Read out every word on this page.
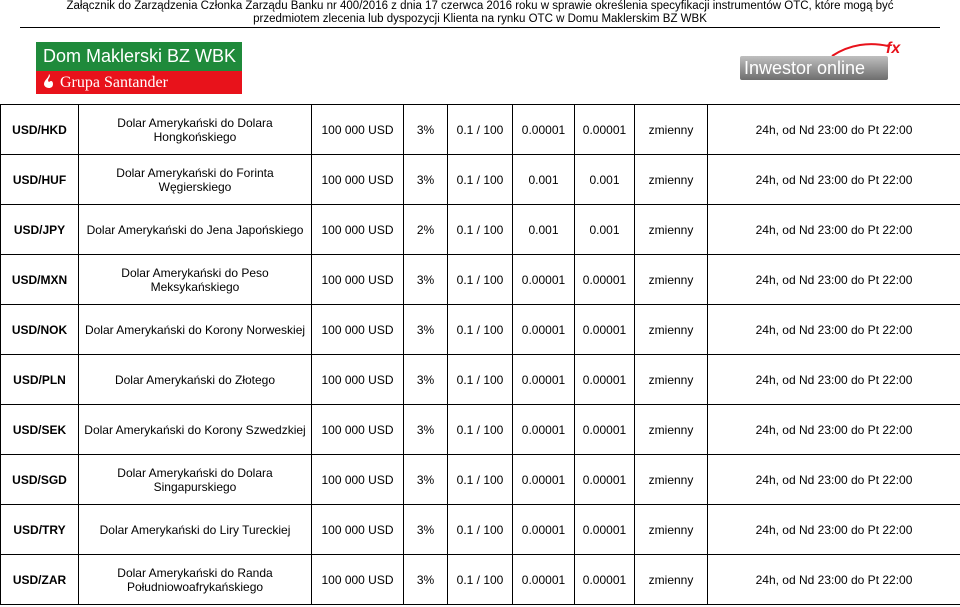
Załącznik do Zarządzenia Członka Zarządu Banku nr 400/2016 z dnia 17 czerwca 2016 roku w sprawie określenia specyfikacji instrumentów OTC, które mogą być
przedmiotem zlecenia lub dyspozycji Klienta na rynku OTC w Domu Maklerskim BZ WBK
Dom Maklerski BZ WBK
Grupa Santander
Inwestor online
fx
USD/HKD	Dolar Amerykański do Dolara Hongkońskiego	100 000 USD	3%	0.1 / 100	0.00001	0.00001	zmienny	24h, od Nd 23:00 do Pt 22:00
USD/HUF	Dolar Amerykański do Forinta Węgierskiego	100 000 USD	3%	0.1 / 100	0.001	0.001	zmienny	24h, od Nd 23:00 do Pt 22:00
USD/JPY	Dolar Amerykański do Jena Japońskiego	100 000 USD	2%	0.1 / 100	0.001	0.001	zmienny	24h, od Nd 23:00 do Pt 22:00
USD/MXN	Dolar Amerykański do Peso Meksykańskiego	100 000 USD	3%	0.1 / 100	0.00001	0.00001	zmienny	24h, od Nd 23:00 do Pt 22:00
USD/NOK	Dolar Amerykański do Korony Norweskiej	100 000 USD	3%	0.1 / 100	0.00001	0.00001	zmienny	24h, od Nd 23:00 do Pt 22:00
USD/PLN	Dolar Amerykański do Złotego	100 000 USD	3%	0.1 / 100	0.00001	0.00001	zmienny	24h, od Nd 23:00 do Pt 22:00
USD/SEK	Dolar Amerykański do Korony Szwedzkiej	100 000 USD	3%	0.1 / 100	0.00001	0.00001	zmienny	24h, od Nd 23:00 do Pt 22:00
USD/SGD	Dolar Amerykański do Dolara Singapurskiego	100 000 USD	3%	0.1 / 100	0.00001	0.00001	zmienny	24h, od Nd 23:00 do Pt 22:00
USD/TRY	Dolar Amerykański do Liry Tureckiej	100 000 USD	3%	0.1 / 100	0.00001	0.00001	zmienny	24h, od Nd 23:00 do Pt 22:00
USD/ZAR	Dolar Amerykański do Randa Południowoafrykańskiego	100 000 USD	3%	0.1 / 100	0.00001	0.00001	zmienny	24h, od Nd 23:00 do Pt 22:00
